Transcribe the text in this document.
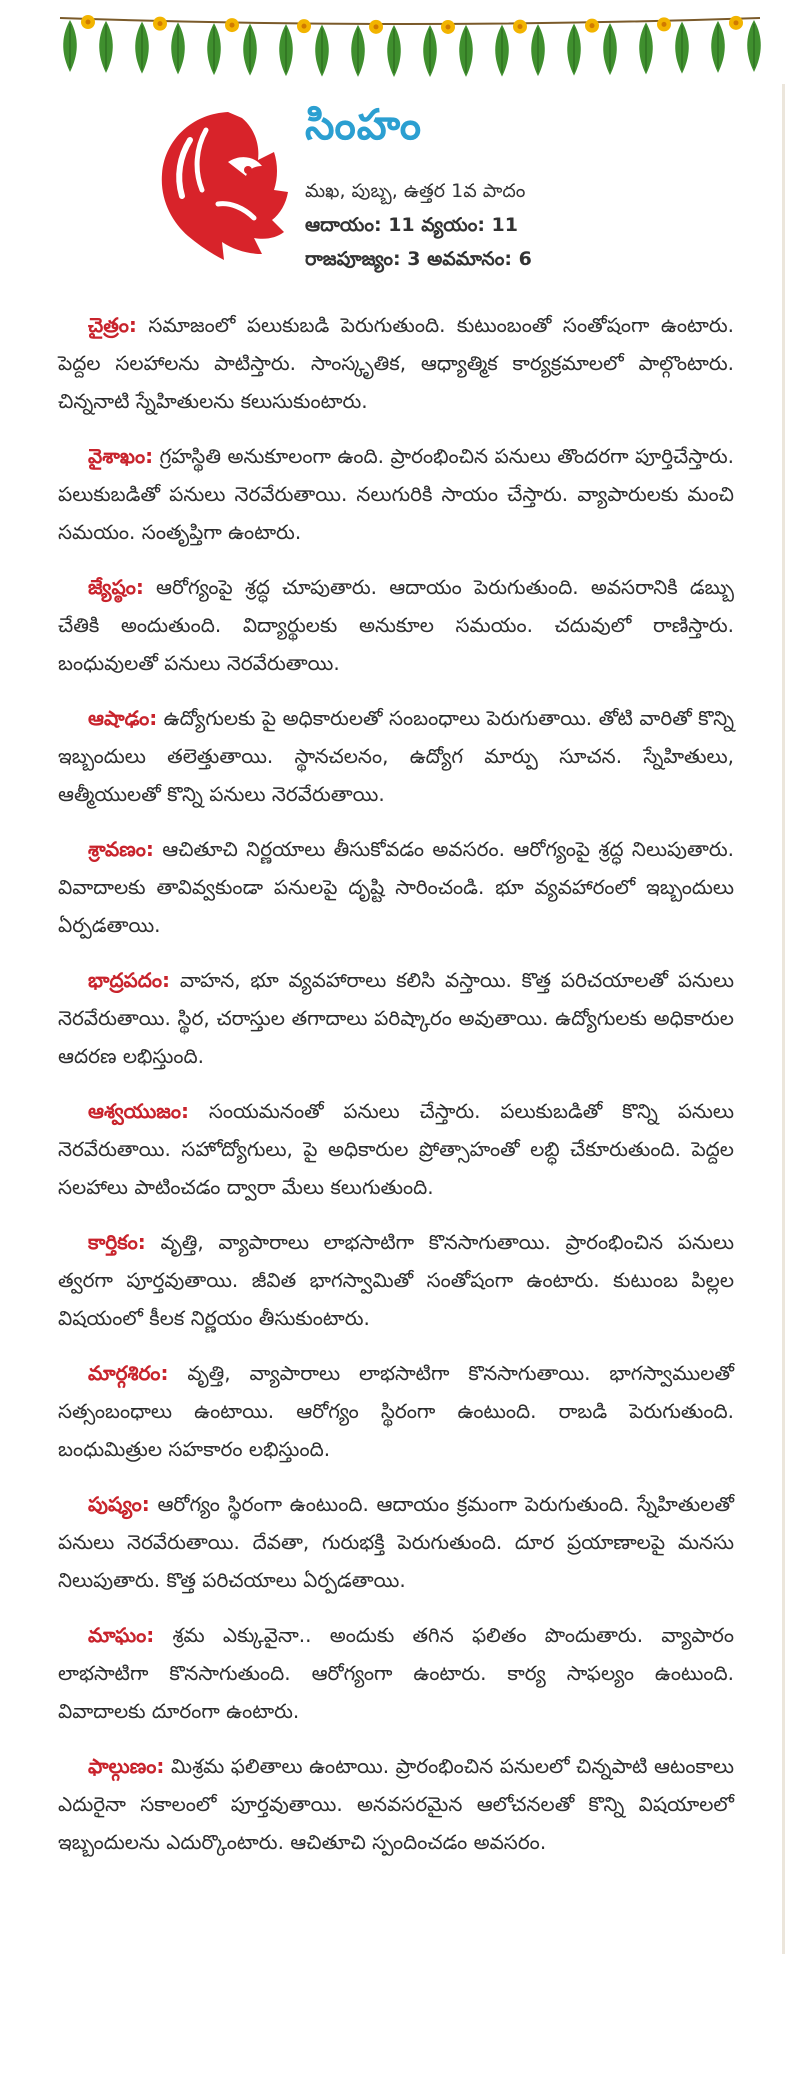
సింహం
మఖ, పుబ్బ, ఉత్తర 1వ పాదం
ఆదాయం: 11 వ్యయం: 11
రాజపూజ్యం: 3 అవమానం: 6

చైత్రం: సమాజంలో పలుకుబడి పెరుగుతుంది. కుటుంబంతో సంతోషంగా ఉంటారు. పెద్దల సలహాలను పాటిస్తారు. సాంస్కృతిక, ఆధ్యాత్మిక కార్యక్రమాలలో పాల్గొంటారు. చిన్ననాటి స్నేహితులను కలుసుకుంటారు.

వైశాఖం: గ్రహస్థితి అనుకూలంగా ఉంది. ప్రారంభించిన పనులు తొందరగా పూర్తిచేస్తారు. పలుకుబడితో పనులు నెరవేరుతాయి. నలుగురికి సాయం చేస్తారు. వ్యాపారులకు మంచి సమయం. సంతృప్తిగా ఉంటారు.

జ్యేష్ఠం: ఆరోగ్యంపై శ్రద్ధ చూపుతారు. ఆదాయం పెరుగుతుంది. అవసరానికి డబ్బు చేతికి అందుతుంది. విద్యార్థులకు అనుకూల సమయం. చదువులో రాణిస్తారు. బంధువులతో పనులు నెరవేరుతాయి.

ఆషాఢం: ఉద్యోగులకు పై అధికారులతో సంబంధాలు పెరుగుతాయి. తోటి వారితో కొన్ని ఇబ్బందులు తలెత్తుతాయి. స్థానచలనం, ఉద్యోగ మార్పు సూచన. స్నేహితులు, ఆత్మీయులతో కొన్ని పనులు నెరవేరుతాయి.

శ్రావణం: ఆచితూచి నిర్ణయాలు తీసుకోవడం అవసరం. ఆరోగ్యంపై శ్రద్ధ నిలుపుతారు. వివాదాలకు తావివ్వకుండా పనులపై దృష్టి సారించండి. భూ వ్యవహారంలో ఇబ్బందులు ఏర్పడతాయి.

భాద్రపదం: వాహన, భూ వ్యవహారాలు కలిసి వస్తాయి. కొత్త పరిచయాలతో పనులు నెరవేరుతాయి. స్థిర, చరాస్తుల తగాదాలు పరిష్కారం అవుతాయి. ఉద్యోగులకు అధికారుల ఆదరణ లభిస్తుంది.

ఆశ్వయుజం: సంయమనంతో పనులు చేస్తారు. పలుకుబడితో కొన్ని పనులు నెరవేరుతాయి. సహోద్యోగులు, పై అధికారుల ప్రోత్సాహంతో లబ్ధి చేకూరుతుంది. పెద్దల సలహాలు పాటించడం ద్వారా మేలు కలుగుతుంది.

కార్తికం: వృత్తి, వ్యాపారాలు లాభసాటిగా కొనసాగుతాయి. ప్రారంభించిన పనులు త్వరగా పూర్తవుతాయి. జీవిత భాగస్వామితో సంతోషంగా ఉంటారు. కుటుంబ పిల్లల విషయంలో కీలక నిర్ణయం తీసుకుంటారు.

మార్గశిరం: వృత్తి, వ్యాపారాలు లాభసాటిగా కొనసాగుతాయి. భాగస్వాములతో సత్సంబంధాలు ఉంటాయి. ఆరోగ్యం స్థిరంగా ఉంటుంది. రాబడి పెరుగుతుంది. బంధుమిత్రుల సహకారం లభిస్తుంది.

పుష్యం: ఆరోగ్యం స్థిరంగా ఉంటుంది. ఆదాయం క్రమంగా పెరుగుతుంది. స్నేహితులతో పనులు నెరవేరుతాయి. దేవతా, గురుభక్తి పెరుగుతుంది. దూర ప్రయాణాలపై మనసు నిలుపుతారు. కొత్త పరిచయాలు ఏర్పడతాయి.

మాఘం: శ్రమ ఎక్కువైనా.. అందుకు తగిన ఫలితం పొందుతారు. వ్యాపారం లాభసాటిగా కొనసాగుతుంది. ఆరోగ్యంగా ఉంటారు. కార్య సాఫల్యం ఉంటుంది. వివాదాలకు దూరంగా ఉంటారు.

ఫాల్గుణం: మిశ్రమ ఫలితాలు ఉంటాయి. ప్రారంభించిన పనులలో చిన్నపాటి ఆటంకాలు ఎదురైనా సకాలంలో పూర్తవుతాయి. అనవసరమైన ఆలోచనలతో కొన్ని విషయాలలో ఇబ్బందులను ఎదుర్కొంటారు. ఆచితూచి స్పందించడం అవసరం.
